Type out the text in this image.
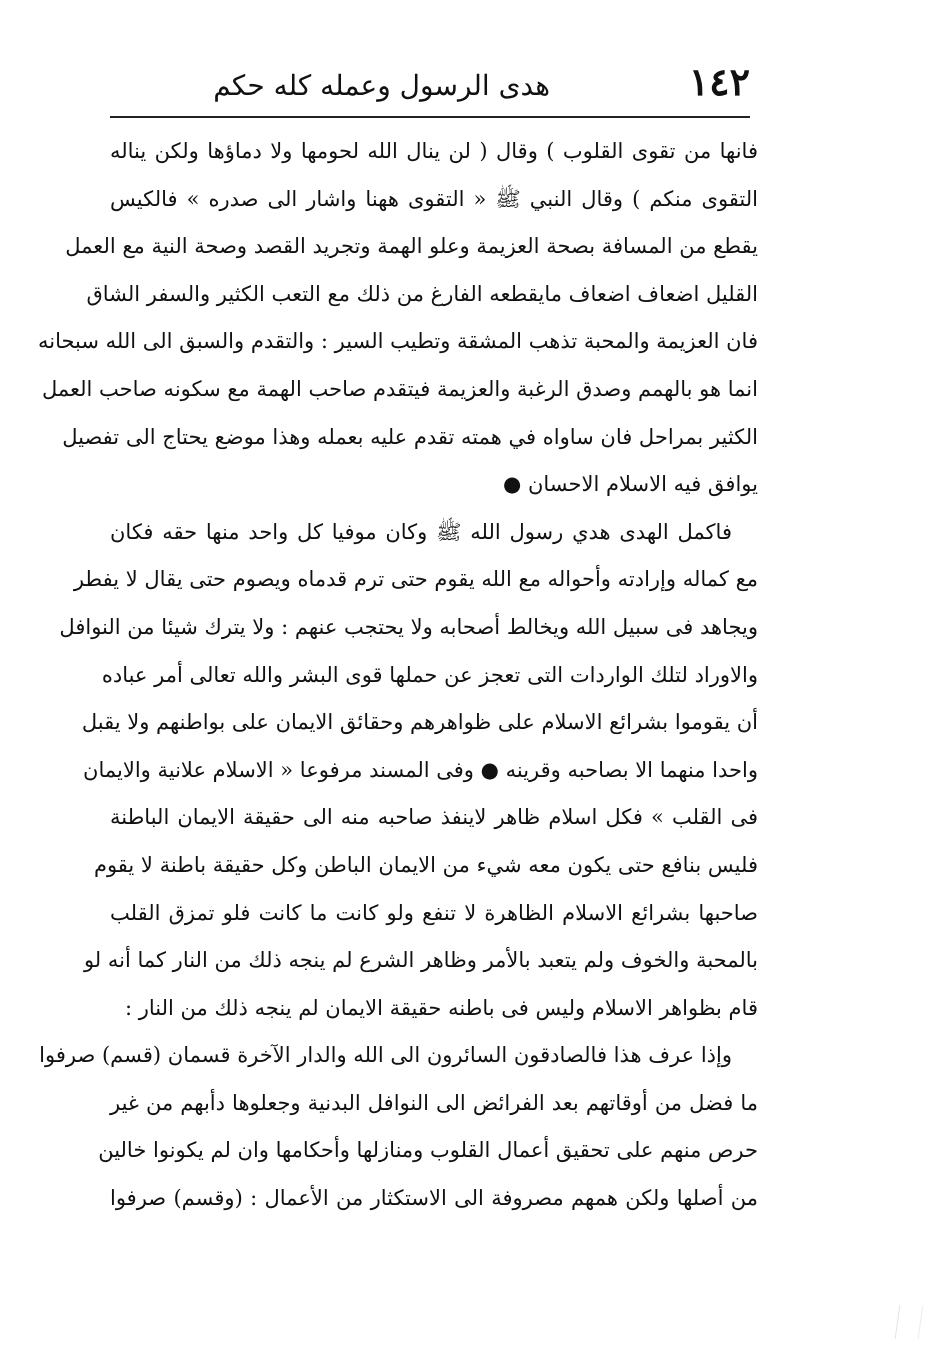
١٤٢
هدى الرسول وعمله كله حكم
فانها من تقوى القلوب ) وقال ( لن ينال الله لحومها ولا دماؤها ولكن يناله
التقوى منكم ) وقال النبي ﷺ « التقوى ههنا واشار الى صدره » فالكيس
يقطع من المسافة بصحة العزيمة وعلو الهمة وتجريد القصد وصحة النية مع العمل
القليل اضعاف اضعاف مايقطعه الفارغ من ذلك مع التعب الكثير والسفر الشاق
فان العزيمة والمحبة تذهب المشقة وتطيب السير : والتقدم والسبق الى الله سبحانه
انما هو بالهمم وصدق الرغبة والعزيمة فيتقدم صاحب الهمة مع سكونه صاحب العمل
الكثير بمراحل فان ساواه في همته تقدم عليه بعمله وهذا موضع يحتاج الى تفصيل
يوافق فيه الاسلام الاحسان ●
فاكمل الهدى هدي رسول الله ﷺ وكان موفيا كل واحد منها حقه فكان
مع كماله وإرادته وأحواله مع الله يقوم حتى ترم قدماه ويصوم حتى يقال لا يفطر
ويجاهد فى سبيل الله ويخالط أصحابه ولا يحتجب عنهم : ولا يترك شيئا من النوافل
والاوراد لتلك الواردات التى تعجز عن حملها قوى البشر والله تعالى أمر عباده
أن يقوموا بشرائع الاسلام على ظواهرهم وحقائق الايمان على بواطنهم ولا يقبل
واحدا منهما الا بصاحبه وقرينه ● وفى المسند مرفوعا « الاسلام علانية والايمان
فى القلب » فكل اسلام ظاهر لاينفذ صاحبه منه الى حقيقة الايمان الباطنة
فليس بنافع حتى يكون معه شيء من الايمان الباطن وكل حقيقة باطنة لا يقوم
صاحبها بشرائع الاسلام الظاهرة لا تنفع ولو كانت ما كانت فلو تمزق القلب
بالمحبة والخوف ولم يتعبد بالأمر وظاهر الشرع لم ينجه ذلك من النار كما أنه لو
قام بظواهر الاسلام وليس فى باطنه حقيقة الايمان لم ينجه ذلك من النار :
وإذا عرف هذا فالصادقون السائرون الى الله والدار الآخرة قسمان (قسم) صرفوا
ما فضل من أوقاتهم بعد الفرائض الى النوافل البدنية وجعلوها دأبهم من غير
حرص منهم على تحقيق أعمال القلوب ومنازلها وأحكامها وان لم يكونوا خالين
من أصلها ولكن همهم مصروفة الى الاستكثار من الأعمال : (وقسم) صرفوا
